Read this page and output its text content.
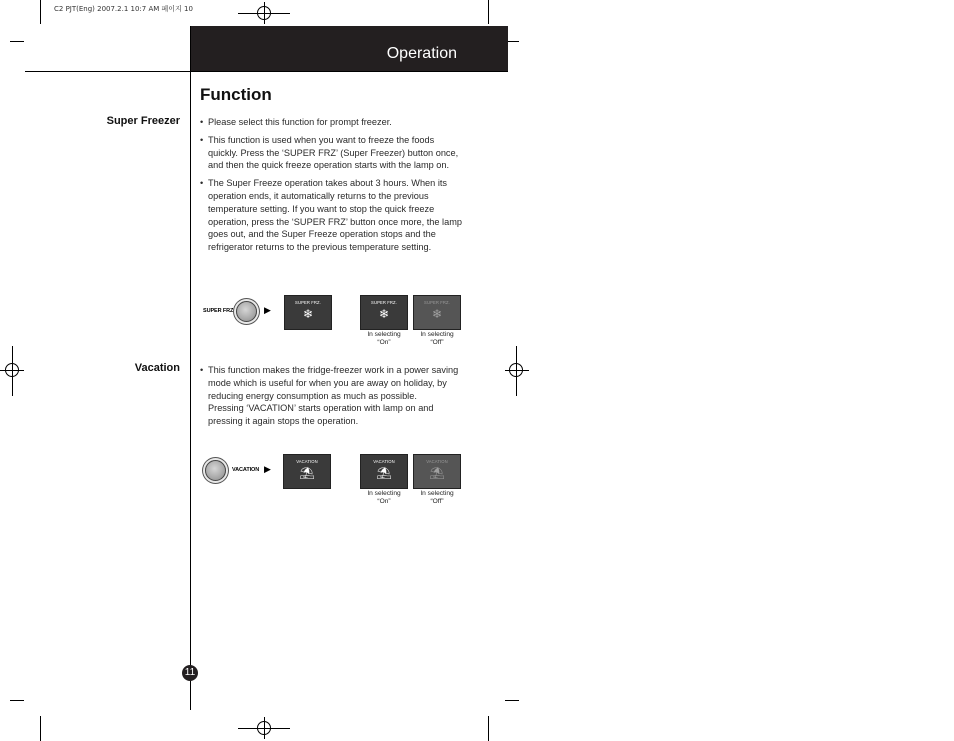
C2 PJT(Eng) 2007.2.1 10:7 AM 페이지 10
Operation
Function
Super Freezer	• Please select this function for prompt freezer.
• This function is used when you want to freeze the foods quickly. Press the ‘SUPER FRZ’ (Super Freezer) button once, and then the quick freeze operation starts with the lamp on.
• The Super Freeze operation takes about 3 hours. When its operation ends, it automatically returns to the previous temperature setting. If you want to stop the quick freeze operation, press the ‘SUPER FRZ’ button once more, the lamp goes out, and the Super Freeze operation stops and the refrigerator returns to the previous temperature setting.
SUPER FRZ.	▶
SUPER FRZ.
❄
SUPER FRZ.
❄
SUPER FRZ.
❄
In selecting
“On”
In selecting
“Off”
Vacation	• This function makes the fridge-freezer work in a power saving mode which is useful for when you are away on holiday, by reducing energy consumption as much as possible.
Pressing ‘VACATION’ starts operation with lamp on and pressing it again stops the operation.
VACATION ▶
VACATION
⛱
VACATION
⛱
VACATION
⛱
In selecting
“On”
In selecting
“Off”
11
